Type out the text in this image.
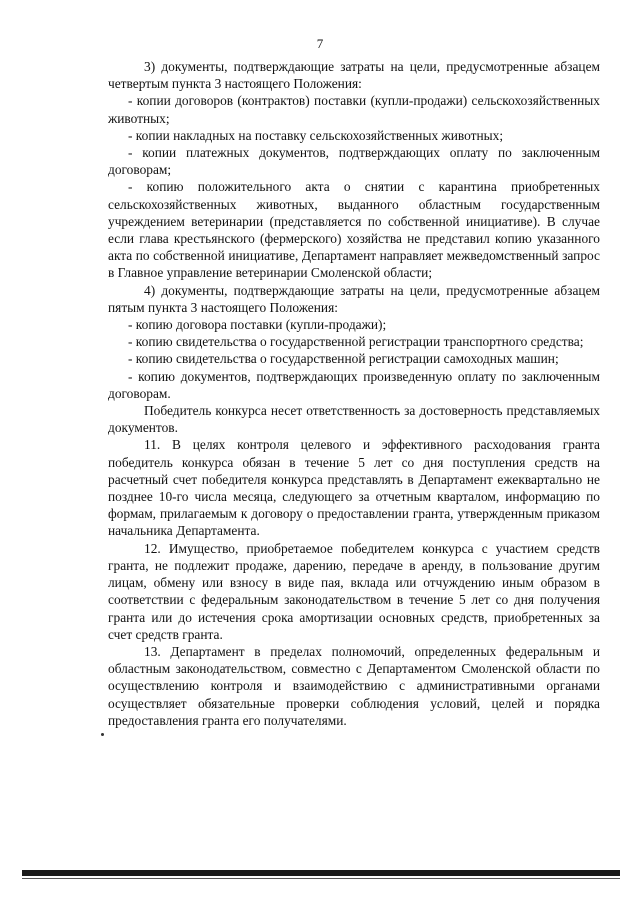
7

3) документы, подтверждающие затраты на цели, предусмотренные абзацем четвертым пункта 3 настоящего Положения:

- копии договоров (контрактов) поставки (купли-продажи) сельскохозяйственных животных;

- копии накладных на поставку сельскохозяйственных животных;

- копии платежных документов, подтверждающих оплату по заключенным договорам;

- копию положительного акта о снятии с карантина приобретенных сельскохозяйственных животных, выданного областным государственным учреждением ветеринарии (представляется по собственной инициативе). В случае если глава крестьянского (фермерского) хозяйства не представил копию указанного акта по собственной инициативе, Департамент направляет межведомственный запрос в Главное управление ветеринарии Смоленской области;

4) документы, подтверждающие затраты на цели, предусмотренные абзацем пятым пункта 3 настоящего Положения:

- копию договора поставки (купли-продажи);

- копию свидетельства о государственной регистрации транспортного средства;

- копию свидетельства о государственной регистрации самоходных машин;

- копию документов, подтверждающих произведенную оплату по заключенным договорам.

Победитель конкурса несет ответственность за достоверность представляемых документов.

11. В целях контроля целевого и эффективного расходования гранта победитель конкурса обязан в течение 5 лет со дня поступления средств на расчетный счет победителя конкурса представлять в Департамент ежеквартально не позднее 10-го числа месяца, следующего за отчетным кварталом, информацию по формам, прилагаемым к договору о предоставлении гранта, утвержденным приказом начальника Департамента.

12. Имущество, приобретаемое победителем конкурса с участием средств гранта, не подлежит продаже, дарению, передаче в аренду, в пользование другим лицам, обмену или взносу в виде пая, вклада или отчуждению иным образом в соответствии с федеральным законодательством в течение 5 лет со дня получения гранта или до истечения срока амортизации основных средств, приобретенных за счет средств гранта.

13. Департамент в пределах полномочий, определенных федеральным и областным законодательством, совместно с Департаментом Смоленской области по осуществлению контроля и взаимодействию с административными органами осуществляет обязательные проверки соблюдения условий, целей и порядка предоставления гранта его получателями.
